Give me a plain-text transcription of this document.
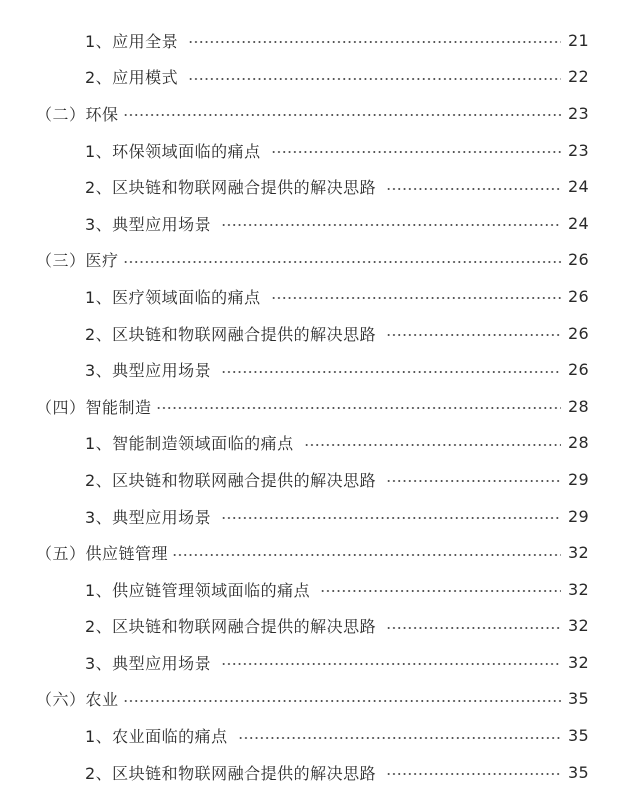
1、应用全景	21
2、应用模式	22
（二）环保	23
1、环保领域面临的痛点	23
2、区块链和物联网融合提供的解决思路	24
3、典型应用场景	24
（三）医疗	26
1、医疗领域面临的痛点	26
2、区块链和物联网融合提供的解决思路	26
3、典型应用场景	26
（四）智能制造	28
1、智能制造领域面临的痛点	28
2、区块链和物联网融合提供的解决思路	29
3、典型应用场景	29
（五）供应链管理	32
1、供应链管理领域面临的痛点	32
2、区块链和物联网融合提供的解决思路	32
3、典型应用场景	32
（六）农业	35
1、农业面临的痛点	35
2、区块链和物联网融合提供的解决思路	35
